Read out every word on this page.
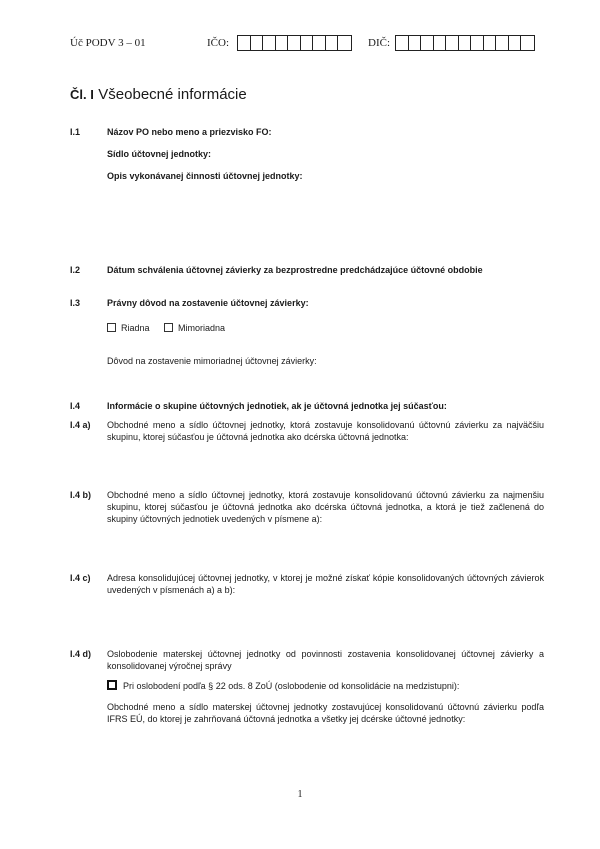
Úč PODV 3 – 01	IČO:	DIČ:
Čl. I Všeobecné informácie
I.1	Názov PO nebo meno a priezvisko FO:
Sídlo účtovnej jednotky:
Opis vykonávanej činnosti účtovnej jednotky:
I.2	Dátum schválenia účtovnej závierky za bezprostredne predchádzajúce účtovné obdobie
I.3	Právny dôvod na zostavenie účtovnej závierky:
Riadna	Mimoriadna
Dôvod na zostavenie mimoriadnej účtovnej závierky:
I.4	Informácie o skupine účtovných jednotiek, ak je účtovná jednotka jej súčasťou:
I.4 a) Obchodné meno a sídlo účtovnej jednotky, ktorá zostavuje konsolidovanú účtovnú závierku za najväčšiu skupinu, ktorej súčasťou je účtovná jednotka ako dcérska účtovná jednotka:
I.4 b) Obchodné meno a sídlo účtovnej jednotky, ktorá zostavuje konsolidovanú účtovnú závierku za najmenšiu skupinu, ktorej súčasťou je účtovná jednotka ako dcérska účtovná jednotka, a ktorá je tiež začlenená do skupiny účtovných jednotiek uvedených v písmene a):
I.4 c) Adresa konsolidujúcej účtovnej jednotky, v ktorej je možné získať kópie konsolidovaných účtovných závierok uvedených v písmenách a) a b):
I.4 d) Oslobodenie materskej účtovnej jednotky od povinnosti zostavenia konsolidovanej účtovnej závierky a konsolidovanej výročnej správy
Pri oslobodení podľa § 22 ods. 8 ZoÚ (oslobodenie od konsolidácie na medzistupni):
Obchodné meno a sídlo materskej účtovnej jednotky zostavujúcej konsolidovanú účtovnú závierku podľa IFRS EÚ, do ktorej je zahrňovaná účtovná jednotka a všetky jej dcérske účtovné jednotky:
1
